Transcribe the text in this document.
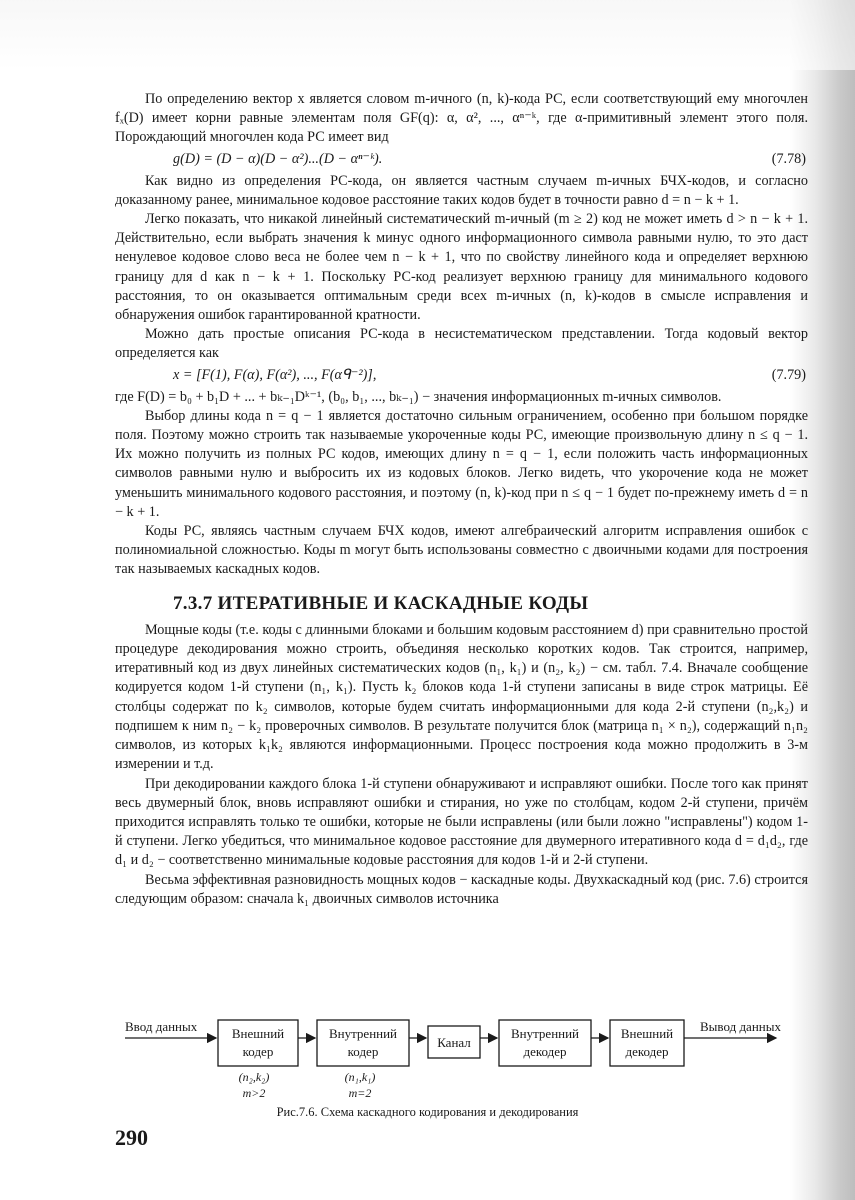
По определению вектор x является словом m-ичного (n, k)-кода РС, если соответствующий ему многочлен fₓ(D) имеет корни равные элементам поля GF(q): α, α², ..., αⁿ⁻ᵏ, где α-примитивный элемент этого поля. Порождающий многочлен кода РС имеет вид

g(D) = (D − α)(D − α²)...(D − αⁿ⁻ᵏ).	(7.78)

Как видно из определения РС-кода, он является частным случаем m-ичных БЧХ-кодов, и согласно доказанному ранее, минимальное кодовое расстояние таких кодов будет в точности равно d = n − k + 1.

Легко показать, что никакой линейный систематический m-ичный (m ≥ 2) код не может иметь d > n − k + 1. Действительно, если выбрать значения k минус одного информационного символа равными нулю, то это даст ненулевое кодовое слово веса не более чем n − k + 1, что по свойству линейного кода и определяет верхнюю границу для d как n − k + 1. Поскольку РС-код реализует верхнюю границу для минимального кодового расстояния, то он оказывается оптимальным среди всех m-ичных (n, k)-кодов в смысле исправления и обнаружения ошибок гарантированной кратности.

Можно дать простые описания РС-кода в несистематическом представлении. Тогда кодовый вектор определяется как

x = [F(1), F(α), F(α²), ..., F(αᑫ⁻²)],	(7.79)

где F(D) = b₀ + b₁D + ... + bₖ₋₁Dᵏ⁻¹, (b₀, b₁, ..., bₖ₋₁) − значения информационных m-ичных символов.

Выбор длины кода n = q − 1 является достаточно сильным ограничением, особенно при большом порядке поля. Поэтому можно строить так называемые укороченные коды РС, имеющие произвольную длину n ≤ q − 1. Их можно получить из полных РС кодов, имеющих длину n = q − 1, если положить часть информационных символов равными нулю и выбросить их из кодовых блоков. Легко видеть, что укорочение кода не может уменьшить минимального кодового расстояния, и поэтому (n, k)-код при n ≤ q − 1 будет по-прежнему иметь d = n − k + 1.

Коды РС, являясь частным случаем БЧХ кодов, имеют алгебраический алгоритм исправления ошибок с полиномиальной сложностью. Коды m могут быть использованы совместно с двоичными кодами для построения так называемых каскадных кодов.

7.3.7 ИТЕРАТИВНЫЕ И КАСКАДНЫЕ КОДЫ

Мощные коды (т.е. коды с длинными блоками и большим кодовым расстоянием d) при сравнительно простой процедуре декодирования можно строить, объединяя несколько коротких кодов. Так строится, например, итеративный код из двух линейных систематических кодов (n₁, k₁) и (n₂, k₂) − см. табл. 7.4. Вначале сообщение кодируется кодом 1-й ступени (n₁, k₁). Пусть k₂ блоков кода 1-й ступени записаны в виде строк матрицы. Её столбцы содержат по k₂ символов, которые будем считать информационными для кода 2-й ступени (n₂,k₂) и подпишем к ним n₂ − k₂ проверочных символов. В результате получится блок (матрица n₁ × n₂), содержащий n₁n₂ символов, из которых k₁k₂ являются информационными. Процесс построения кода можно продолжить в 3-м измерении и т.д.

При декодировании каждого блока 1-й ступени обнаруживают и исправляют ошибки. После того как принят весь двумерный блок, вновь исправляют ошибки и стирания, но уже по столбцам, кодом 2-й ступени, причём приходится исправлять только те ошибки, которые не были исправлены (или были ложно "исправлены") кодом 1-й ступени. Легко убедиться, что минимальное кодовое расстояние для двумерного итеративного кода d = d₁d₂, где d₁ и d₂ − соответственно минимальные кодовые расстояния для кодов 1-й и 2-й ступени.

Весьма эффективная разновидность мощных кодов − каскадные коды. Двухкаскадный код (рис. 7.6) строится следующим образом: сначала k₁ двоичных символов источника

Ввод данных	Вывод данных
Внешний
кодер
Внутренний
кодер
Канал
Внутренний
декодер
Внешний
декодер
(n₂,k₂)
m>2
(n₁,k₁)
m=2
Рис.7.6. Схема каскадного кодирования и декодирования
290
